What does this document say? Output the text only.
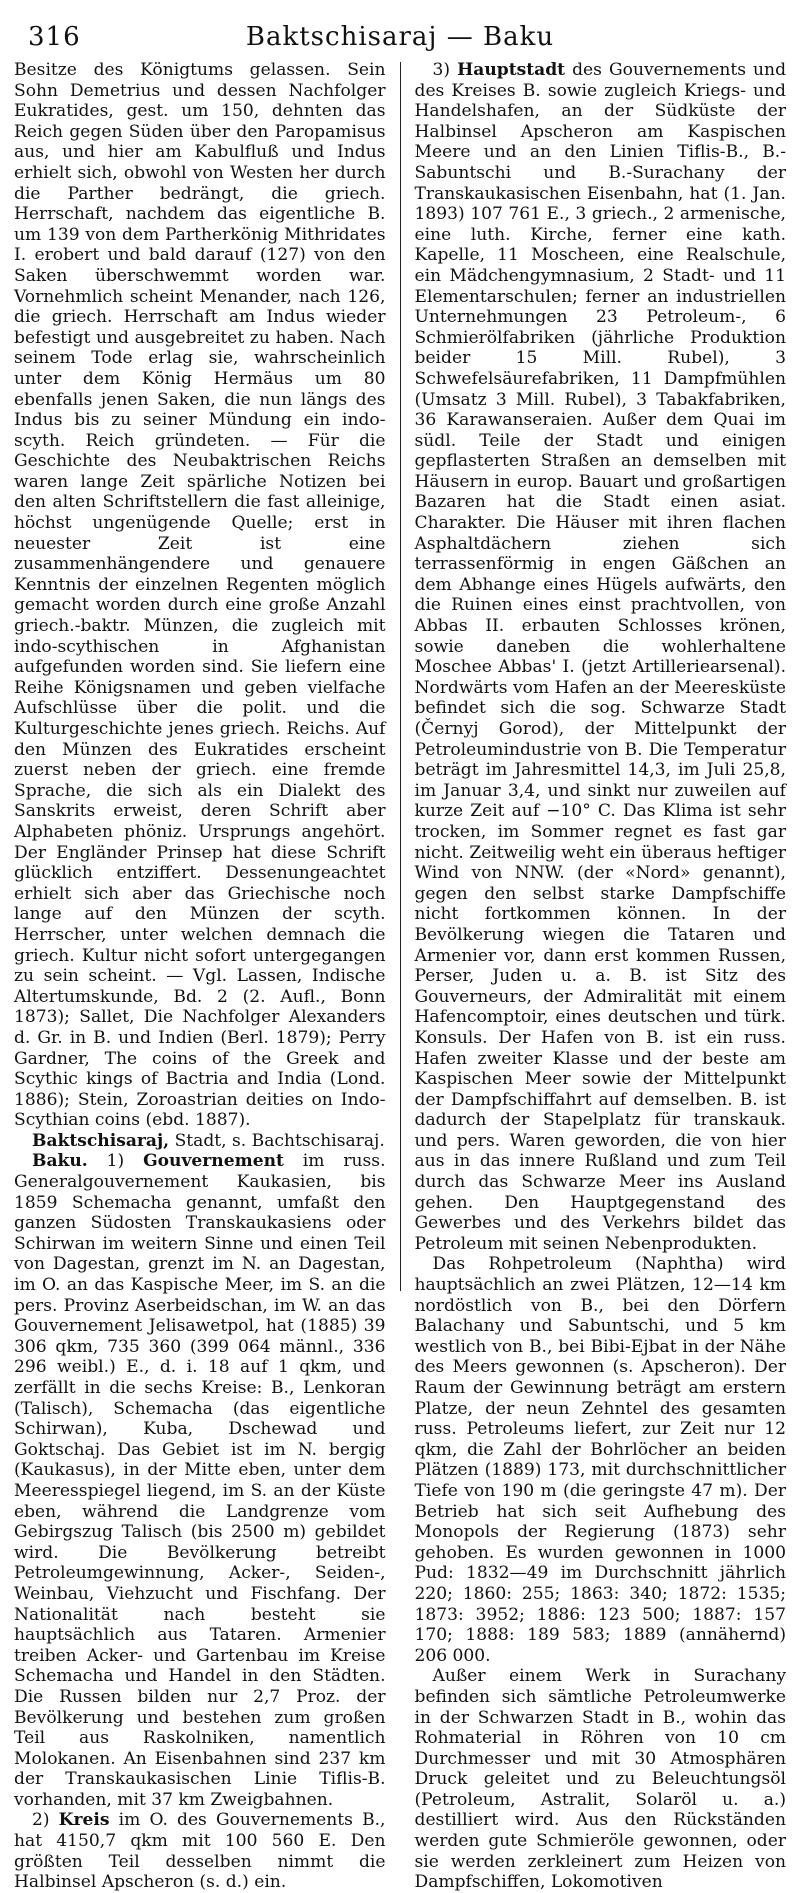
316	Baktschisaraj — Baku

Besitze des Königtums gelassen. Sein Sohn Demetrius und dessen Nachfolger Eukratides, gest. um 150, dehnten das Reich gegen Süden über den Paropamisus aus, und hier am Kabulfluß und Indus erhielt sich, obwohl von Westen her durch die Parther bedrängt, die griech. Herrschaft, nachdem das eigentliche B. um 139 von dem Partherkönig Mithridates I. erobert und bald darauf (127) von den Saken überschwemmt worden war. Vornehmlich scheint Menander, nach 126, die griech. Herrschaft am Indus wieder befestigt und ausgebreitet zu haben. Nach seinem Tode erlag sie, wahrscheinlich unter dem König Hermäus um 80 ebenfalls jenen Saken, die nun längs des Indus bis zu seiner Mündung ein indo-scyth. Reich gründeten. — Für die Geschichte des Neubaktrischen Reichs waren lange Zeit spärliche Notizen bei den alten Schriftstellern die fast alleinige, höchst ungenügende Quelle; erst in neuester Zeit ist eine zusammenhängendere und genauere Kenntnis der einzelnen Regenten möglich gemacht worden durch eine große Anzahl griech.-baktr. Münzen, die zugleich mit indo-scythischen in Afghanistan aufgefunden worden sind. Sie liefern eine Reihe Königsnamen und geben vielfache Aufschlüsse über die polit. und die Kulturgeschichte jenes griech. Reichs. Auf den Münzen des Eukratides erscheint zuerst neben der griech. eine fremde Sprache, die sich als ein Dialekt des Sanskrits erweist, deren Schrift aber Alphabeten phöniz. Ursprungs angehört. Der Engländer Prinsep hat diese Schrift glücklich entziffert. Dessenungeachtet erhielt sich aber das Griechische noch lange auf den Münzen der scyth. Herrscher, unter welchen demnach die griech. Kultur nicht sofort untergegangen zu sein scheint. — Vgl. Lassen, Indische Altertumskunde, Bd. 2 (2. Aufl., Bonn 1873); Sallet, Die Nachfolger Alexanders d. Gr. in B. und Indien (Berl. 1879); Perry Gardner, The coins of the Greek and Scythic kings of Bactria and India (Lond. 1886); Stein, Zoroastrian deities on Indo-Scythian coins (ebd. 1887).

Baktschisaraj, Stadt, s. Bachtschisaraj.

Baku. 1) Gouvernement im russ. Generalgouvernement Kaukasien, bis 1859 Schemacha genannt, umfaßt den ganzen Südosten Transkaukasiens oder Schirwan im weitern Sinne und einen Teil von Dagestan, grenzt im N. an Dagestan, im O. an das Kaspische Meer, im S. an die pers. Provinz Aserbeidschan, im W. an das Gouvernement Jelisawetpol, hat (1885) 39 306 qkm, 735 360 (399 064 männl., 336 296 weibl.) E., d. i. 18 auf 1 qkm, und zerfällt in die sechs Kreise: B., Lenkoran (Talisch), Schemacha (das eigentliche Schirwan), Kuba, Dschewad und Goktschaj. Das Gebiet ist im N. bergig (Kaukasus), in der Mitte eben, unter dem Meeresspiegel liegend, im S. an der Küste eben, während die Landgrenze vom Gebirgszug Talisch (bis 2500 m) gebildet wird. Die Bevölkerung betreibt Petroleumgewinnung, Acker-, Seiden-, Weinbau, Viehzucht und Fischfang. Der Nationalität nach besteht sie hauptsächlich aus Tataren. Armenier treiben Acker- und Gartenbau im Kreise Schemacha und Handel in den Städten. Die Russen bilden nur 2,7 Proz. der Bevölkerung und bestehen zum großen Teil aus Raskolniken, namentlich Molokanen. An Eisenbahnen sind 237 km der Transkaukasischen Linie Tiflis-B. vorhanden, mit 37 km Zweigbahnen.

2) Kreis im O. des Gouvernements B., hat 4150,7 qkm mit 100 560 E. Den größten Teil desselben nimmt die Halbinsel Apscheron (s. d.) ein.

3) Hauptstadt des Gouvernements und des Kreises B. sowie zugleich Kriegs- und Handelshafen, an der Südküste der Halbinsel Apscheron am Kaspischen Meere und an den Linien Tiflis-B., B.-Sabuntschi und B.-Surachany der Transkaukasischen Eisenbahn, hat (1. Jan. 1893) 107 761 E., 3 griech., 2 armenische, eine luth. Kirche, ferner eine kath. Kapelle, 11 Moscheen, eine Realschule, ein Mädchengymnasium, 2 Stadt- und 11 Elementarschulen; ferner an industriellen Unternehmungen 23 Petroleum-, 6 Schmierölfabriken (jährliche Produktion beider 15 Mill. Rubel), 3 Schwefelsäurefabriken, 11 Dampfmühlen (Umsatz 3 Mill. Rubel), 3 Tabakfabriken, 36 Karawanseraien. Außer dem Quai im südl. Teile der Stadt und einigen gepflasterten Straßen an demselben mit Häusern in europ. Bauart und großartigen Bazaren hat die Stadt einen asiat. Charakter. Die Häuser mit ihren flachen Asphaltdächern ziehen sich terrassenförmig in engen Gäßchen an dem Abhange eines Hügels aufwärts, den die Ruinen eines einst prachtvollen, von Abbas II. erbauten Schlosses krönen, sowie daneben die wohlerhaltene Moschee Abbas' I. (jetzt Artilleriearsenal). Nordwärts vom Hafen an der Meeresküste befindet sich die sog. Schwarze Stadt (Černyj Gorod), der Mittelpunkt der Petroleumindustrie von B. Die Temperatur beträgt im Jahresmittel 14,3, im Juli 25,8, im Januar 3,4, und sinkt nur zuweilen auf kurze Zeit auf −10° C. Das Klima ist sehr trocken, im Sommer regnet es fast gar nicht. Zeitweilig weht ein überaus heftiger Wind von NNW. (der «Nord» genannt), gegen den selbst starke Dampfschiffe nicht fortkommen können. In der Bevölkerung wiegen die Tataren und Armenier vor, dann erst kommen Russen, Perser, Juden u. a. B. ist Sitz des Gouverneurs, der Admiralität mit einem Hafencomptoir, eines deutschen und türk. Konsuls. Der Hafen von B. ist ein russ. Hafen zweiter Klasse und der beste am Kaspischen Meer sowie der Mittelpunkt der Dampfschiffahrt auf demselben. B. ist dadurch der Stapelplatz für transkauk. und pers. Waren geworden, die von hier aus in das innere Rußland und zum Teil durch das Schwarze Meer ins Ausland gehen. Den Hauptgegenstand des Gewerbes und des Verkehrs bildet das Petroleum mit seinen Nebenprodukten.

Das Rohpetroleum (Naphtha) wird hauptsächlich an zwei Plätzen, 12—14 km nordöstlich von B., bei den Dörfern Balachany und Sabuntschi, und 5 km westlich von B., bei Bibi-Ejbat in der Nähe des Meers gewonnen (s. Apscheron). Der Raum der Gewinnung beträgt am erstern Platze, der neun Zehntel des gesamten russ. Petroleums liefert, zur Zeit nur 12 qkm, die Zahl der Bohrlöcher an beiden Plätzen (1889) 173, mit durchschnittlicher Tiefe von 190 m (die geringste 47 m). Der Betrieb hat sich seit Aufhebung des Monopols der Regierung (1873) sehr gehoben. Es wurden gewonnen in 1000 Pud: 1832—49 im Durchschnitt jährlich 220; 1860: 255; 1863: 340; 1872: 1535; 1873: 3952; 1886: 123 500; 1887: 157 170; 1888: 189 583; 1889 (annähernd) 206 000.

Außer einem Werk in Surachany befinden sich sämtliche Petroleumwerke in der Schwarzen Stadt in B., wohin das Rohmaterial in Röhren von 10 cm Durchmesser und mit 30 Atmosphären Druck geleitet und zu Beleuchtungsöl (Petroleum, Astralit, Solaröl u. a.) destilliert wird. Aus den Rückständen werden gute Schmieröle gewonnen, oder sie werden zerkleinert zum Heizen von Dampfschiffen, Lokomotiven
